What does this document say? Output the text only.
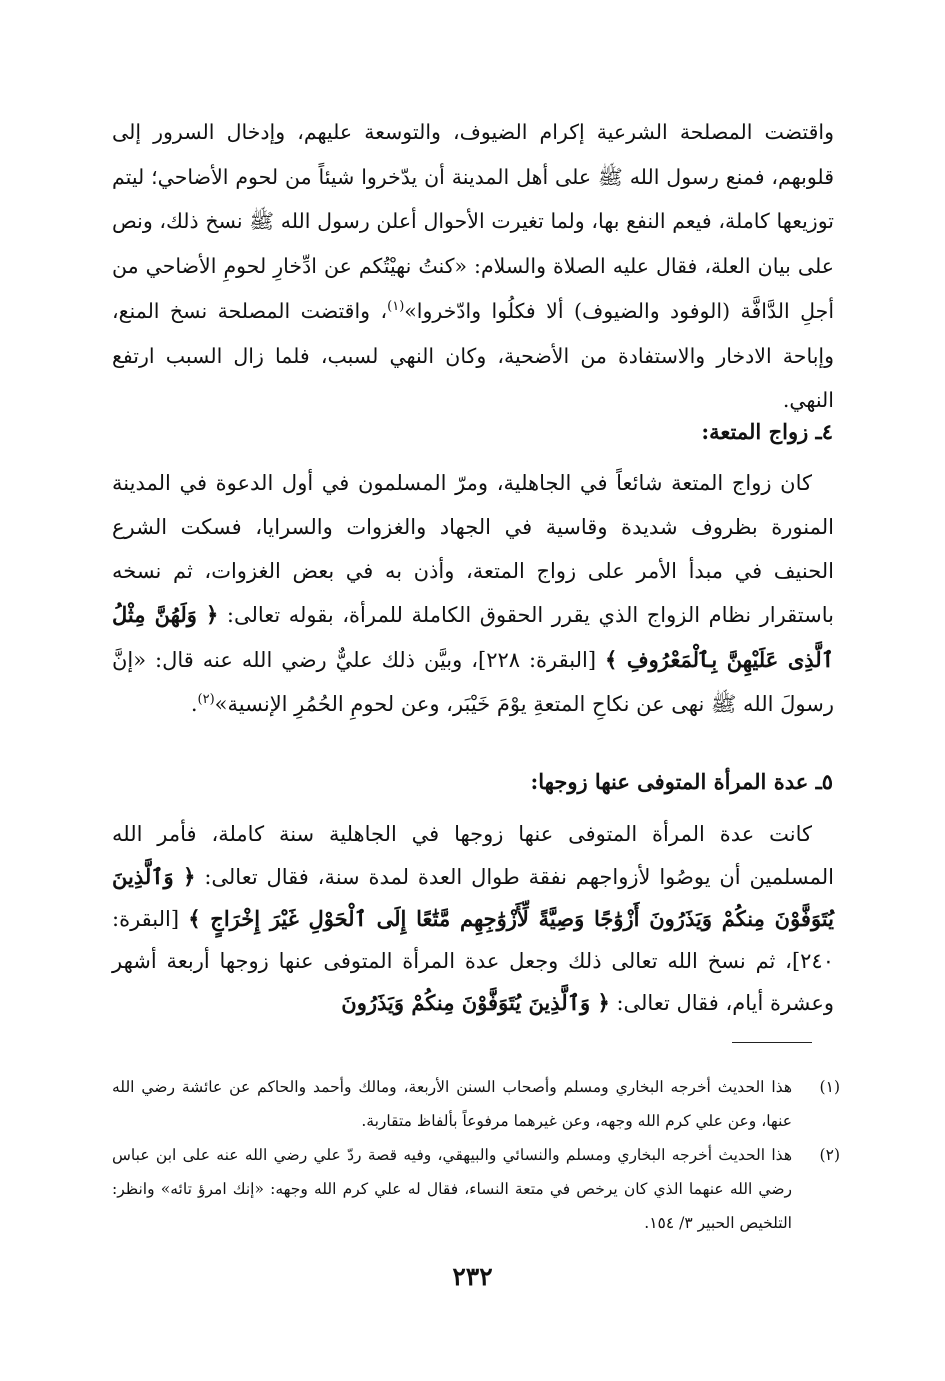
واقتضت المصلحة الشرعية إكرام الضيوف، والتوسعة عليهم، وإدخال السرور إلى قلوبهم، فمنع رسول الله ﷺ على أهل المدينة أن يدّخروا شيئاً من لحوم الأضاحي؛ ليتم توزيعها كاملة، فيعم النفع بها، ولما تغيرت الأحوال أعلن رسول الله ﷺ نسخ ذلك، ونص على بيان العلة، فقال عليه الصلاة والسلام: «كنتُ نهيْتُكم عن ادِّخارِ لحومِ الأضاحي من أجلِ الدَّافَّة (الوفود والضيوف) ألا فكلُوا وادّخروا»$^{(١)}$، واقتضت المصلحة نسخ المنع، وإباحة الادخار والاستفادة من الأضحية، وكان النهي لسبب، فلما زال السبب ارتفع النهي.
٤ـ زواج المتعة:
كان زواج المتعة شائعاً في الجاهلية، ومرّ المسلمون في أول الدعوة في المدينة المنورة بظروف شديدة وقاسية في الجهاد والغزوات والسرايا، فسكت الشرع الحنيف في مبدأ الأمر على زواج المتعة، وأذن به في بعض الغزوات، ثم نسخه باستقرار نظام الزواج الذي يقرر الحقوق الكاملة للمرأة، بقوله تعالى: ﴿ وَلَهُنَّ مِثْلُ ٱلَّذِى عَلَيْهِنَّ بِٱلْمَعْرُوفِ ﴾ [البقرة: ٢٢٨]، وبيَّن ذلك عليٌّ رضي الله عنه قال: «إنَّ رسولَ الله ﷺ نهى عن نكاحِ المتعةِ يوْمَ خَيْبَر، وعن لحومِ الحُمُرِ الإنسية»$^{(٢)}$.
٥ـ عدة المرأة المتوفى عنها زوجها:
كانت عدة المرأة المتوفى عنها زوجها في الجاهلية سنة كاملة، فأمر الله المسلمين أن يوصُوا لأزواجهم نفقة طوال العدة لمدة سنة، فقال تعالى: ﴿ وَٱلَّذِينَ يُتَوَفَّوْنَ مِنكُمْ وَيَذَرُونَ أَزْوَٰجًا وَصِيَّةً لِّأَزْوَٰجِهِم مَّتَٰعًا إِلَى ٱلْحَوْلِ غَيْرَ إِخْرَاجٍ ﴾ [البقرة: ٢٤٠]، ثم نسخ الله تعالى ذلك وجعل عدة المرأة المتوفى عنها زوجها أربعة أشهر وعشرة أيام، فقال تعالى: ﴿ وَٱلَّذِينَ يُتَوَفَّوْنَ مِنكُمْ وَيَذَرُونَ
(١)
هذا الحديث أخرجه البخاري ومسلم وأصحاب السنن الأربعة، ومالك وأحمد والحاكم عن عائشة رضي الله عنها، وعن علي كرم الله وجهه، وعن غيرهما مرفوعاً بألفاظ متقاربة.
(٢)
هذا الحديث أخرجه البخاري ومسلم والنسائي والبيهقي، وفيه قصة ردّ علي رضي الله عنه على ابن عباس رضي الله عنهما الذي كان يرخص في متعة النساء، فقال له علي كرم الله وجهه: «إنك امرؤ تائه» وانظر: التلخيص الحبير ٣/ ١٥٤.
٢٣٢
